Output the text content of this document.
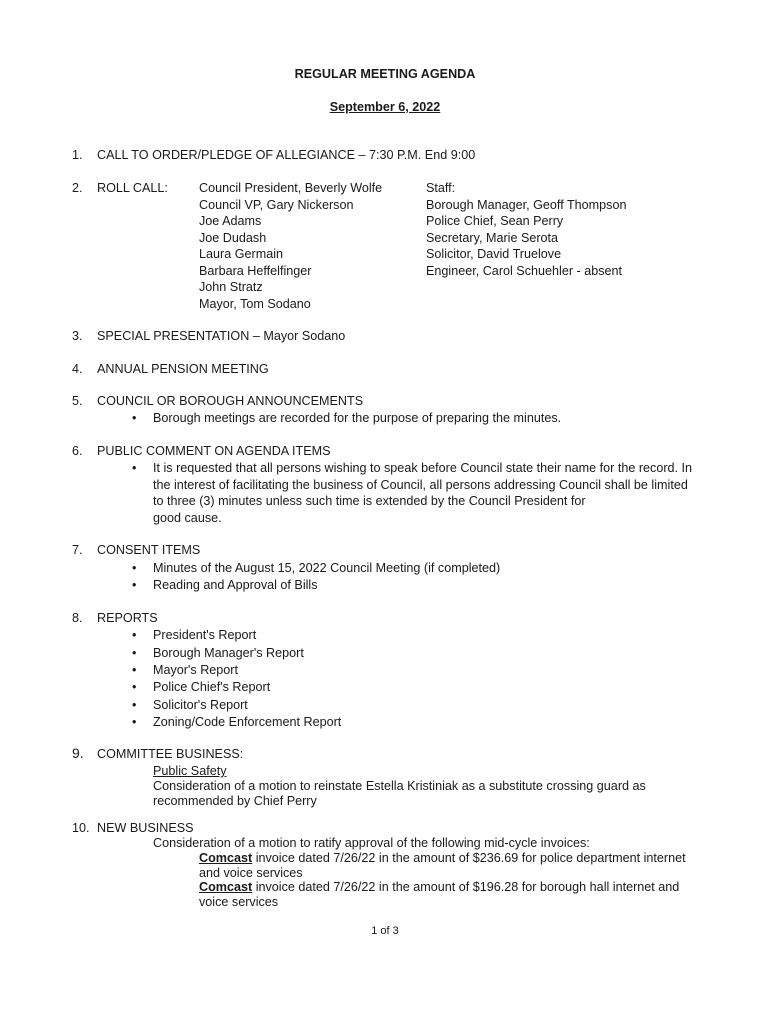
REGULAR MEETING AGENDA
September 6, 2022
1. CALL TO ORDER/PLEDGE OF ALLEGIANCE – 7:30 P.M. End 9:00
2. ROLL CALL: Council President, Beverly Wolfe
Council VP, Gary Nickerson
Joe Adams
Joe Dudash
Laura Germain
Barbara Heffelfinger
John Stratz
Mayor, Tom Sodano
Staff:
Borough Manager, Geoff Thompson
Police Chief, Sean Perry
Secretary, Marie Serota
Solicitor, David Truelove
Engineer, Carol Schuehler - absent
3. SPECIAL PRESENTATION – Mayor Sodano
4. ANNUAL PENSION MEETING
5. COUNCIL OR BOROUGH ANNOUNCEMENTS
• Borough meetings are recorded for the purpose of preparing the minutes.
6. PUBLIC COMMENT ON AGENDA ITEMS
• It is requested that all persons wishing to speak before Council state their name for the record. In
the interest of facilitating the business of Council, all persons addressing Council shall be limited
to three (3) minutes unless such time is extended by the Council President for
good cause.
7. CONSENT ITEMS
• Minutes of the August 15, 2022 Council Meeting (if completed)
• Reading and Approval of Bills
8. REPORTS
• President's Report
• Borough Manager's Report
• Mayor's Report
• Police Chief's Report
• Solicitor's Report
• Zoning/Code Enforcement Report
9. COMMITTEE BUSINESS:
Public Safety
Consideration of a motion to reinstate Estella Kristiniak as a substitute crossing guard as
recommended by Chief Perry
10. NEW BUSINESS
Consideration of a motion to ratify approval of the following mid-cycle invoices:
Comcast invoice dated 7/26/22 in the amount of $236.69 for police department internet
and voice services
Comcast invoice dated 7/26/22 in the amount of $196.28 for borough hall internet and
voice services
1 of 3
